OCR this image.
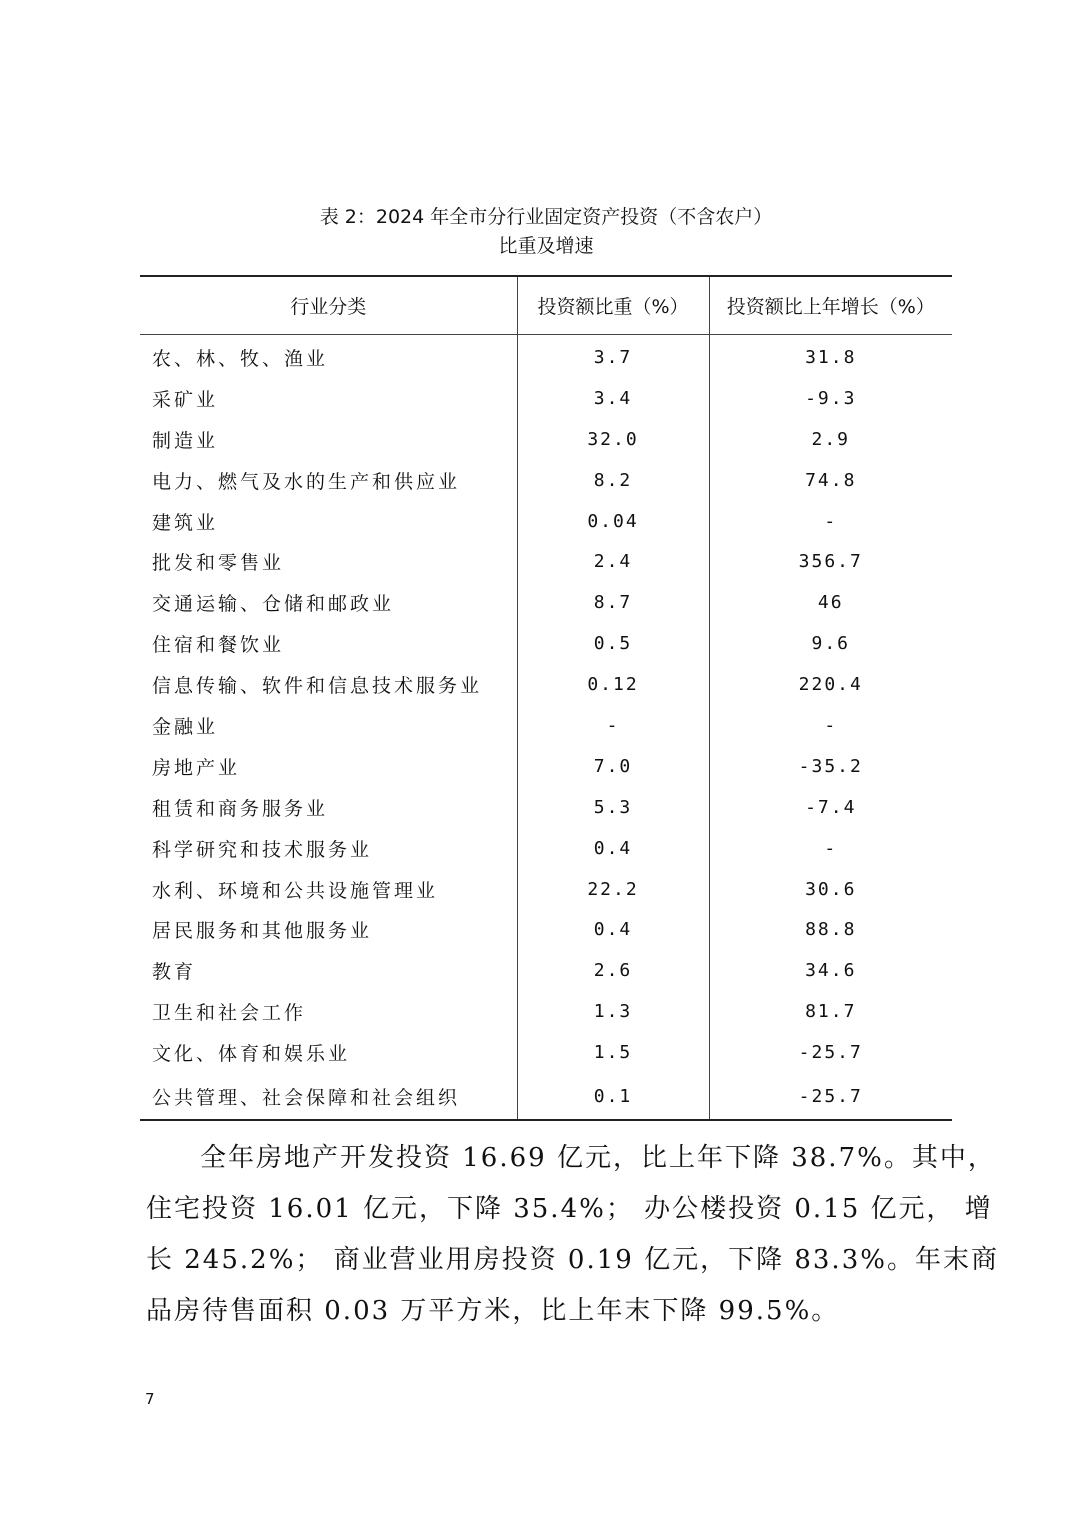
表 2：2024 年全市分行业固定资产投资（不含农户）
比重及增速
行业分类	投资额比重（%）	投资额比上年增长（%）
农、林、牧、渔业	3.7	31.8
采矿业	3.4	-9.3
制造业	32.0	2.9
电力、燃气及水的生产和供应业	8.2	74.8
建筑业	0.04	-
批发和零售业	2.4	356.7
交通运输、仓储和邮政业	8.7	46
住宿和餐饮业	0.5	9.6
信息传输、软件和信息技术服务业	0.12	220.4
金融业	-	-
房地产业	7.0	-35.2
租赁和商务服务业	5.3	-7.4
科学研究和技术服务业	0.4	-
水利、环境和公共设施管理业	22.2	30.6
居民服务和其他服务业	0.4	88.8
教育	2.6	34.6
卫生和社会工作	1.3	81.7
文化、体育和娱乐业	1.5	-25.7
公共管理、社会保障和社会组织	0.1	-25.7
全年房地产开发投资 16.69 亿元，比上年下降 38.7%。其中，
住宅投资 16.01 亿元，下降 35.4%； 办公楼投资 0.15 亿元， 增
长 245.2%； 商业营业用房投资 0.19 亿元，下降 83.3%。年末商
品房待售面积 0.03 万平方米，比上年末下降 99.5%。
7
